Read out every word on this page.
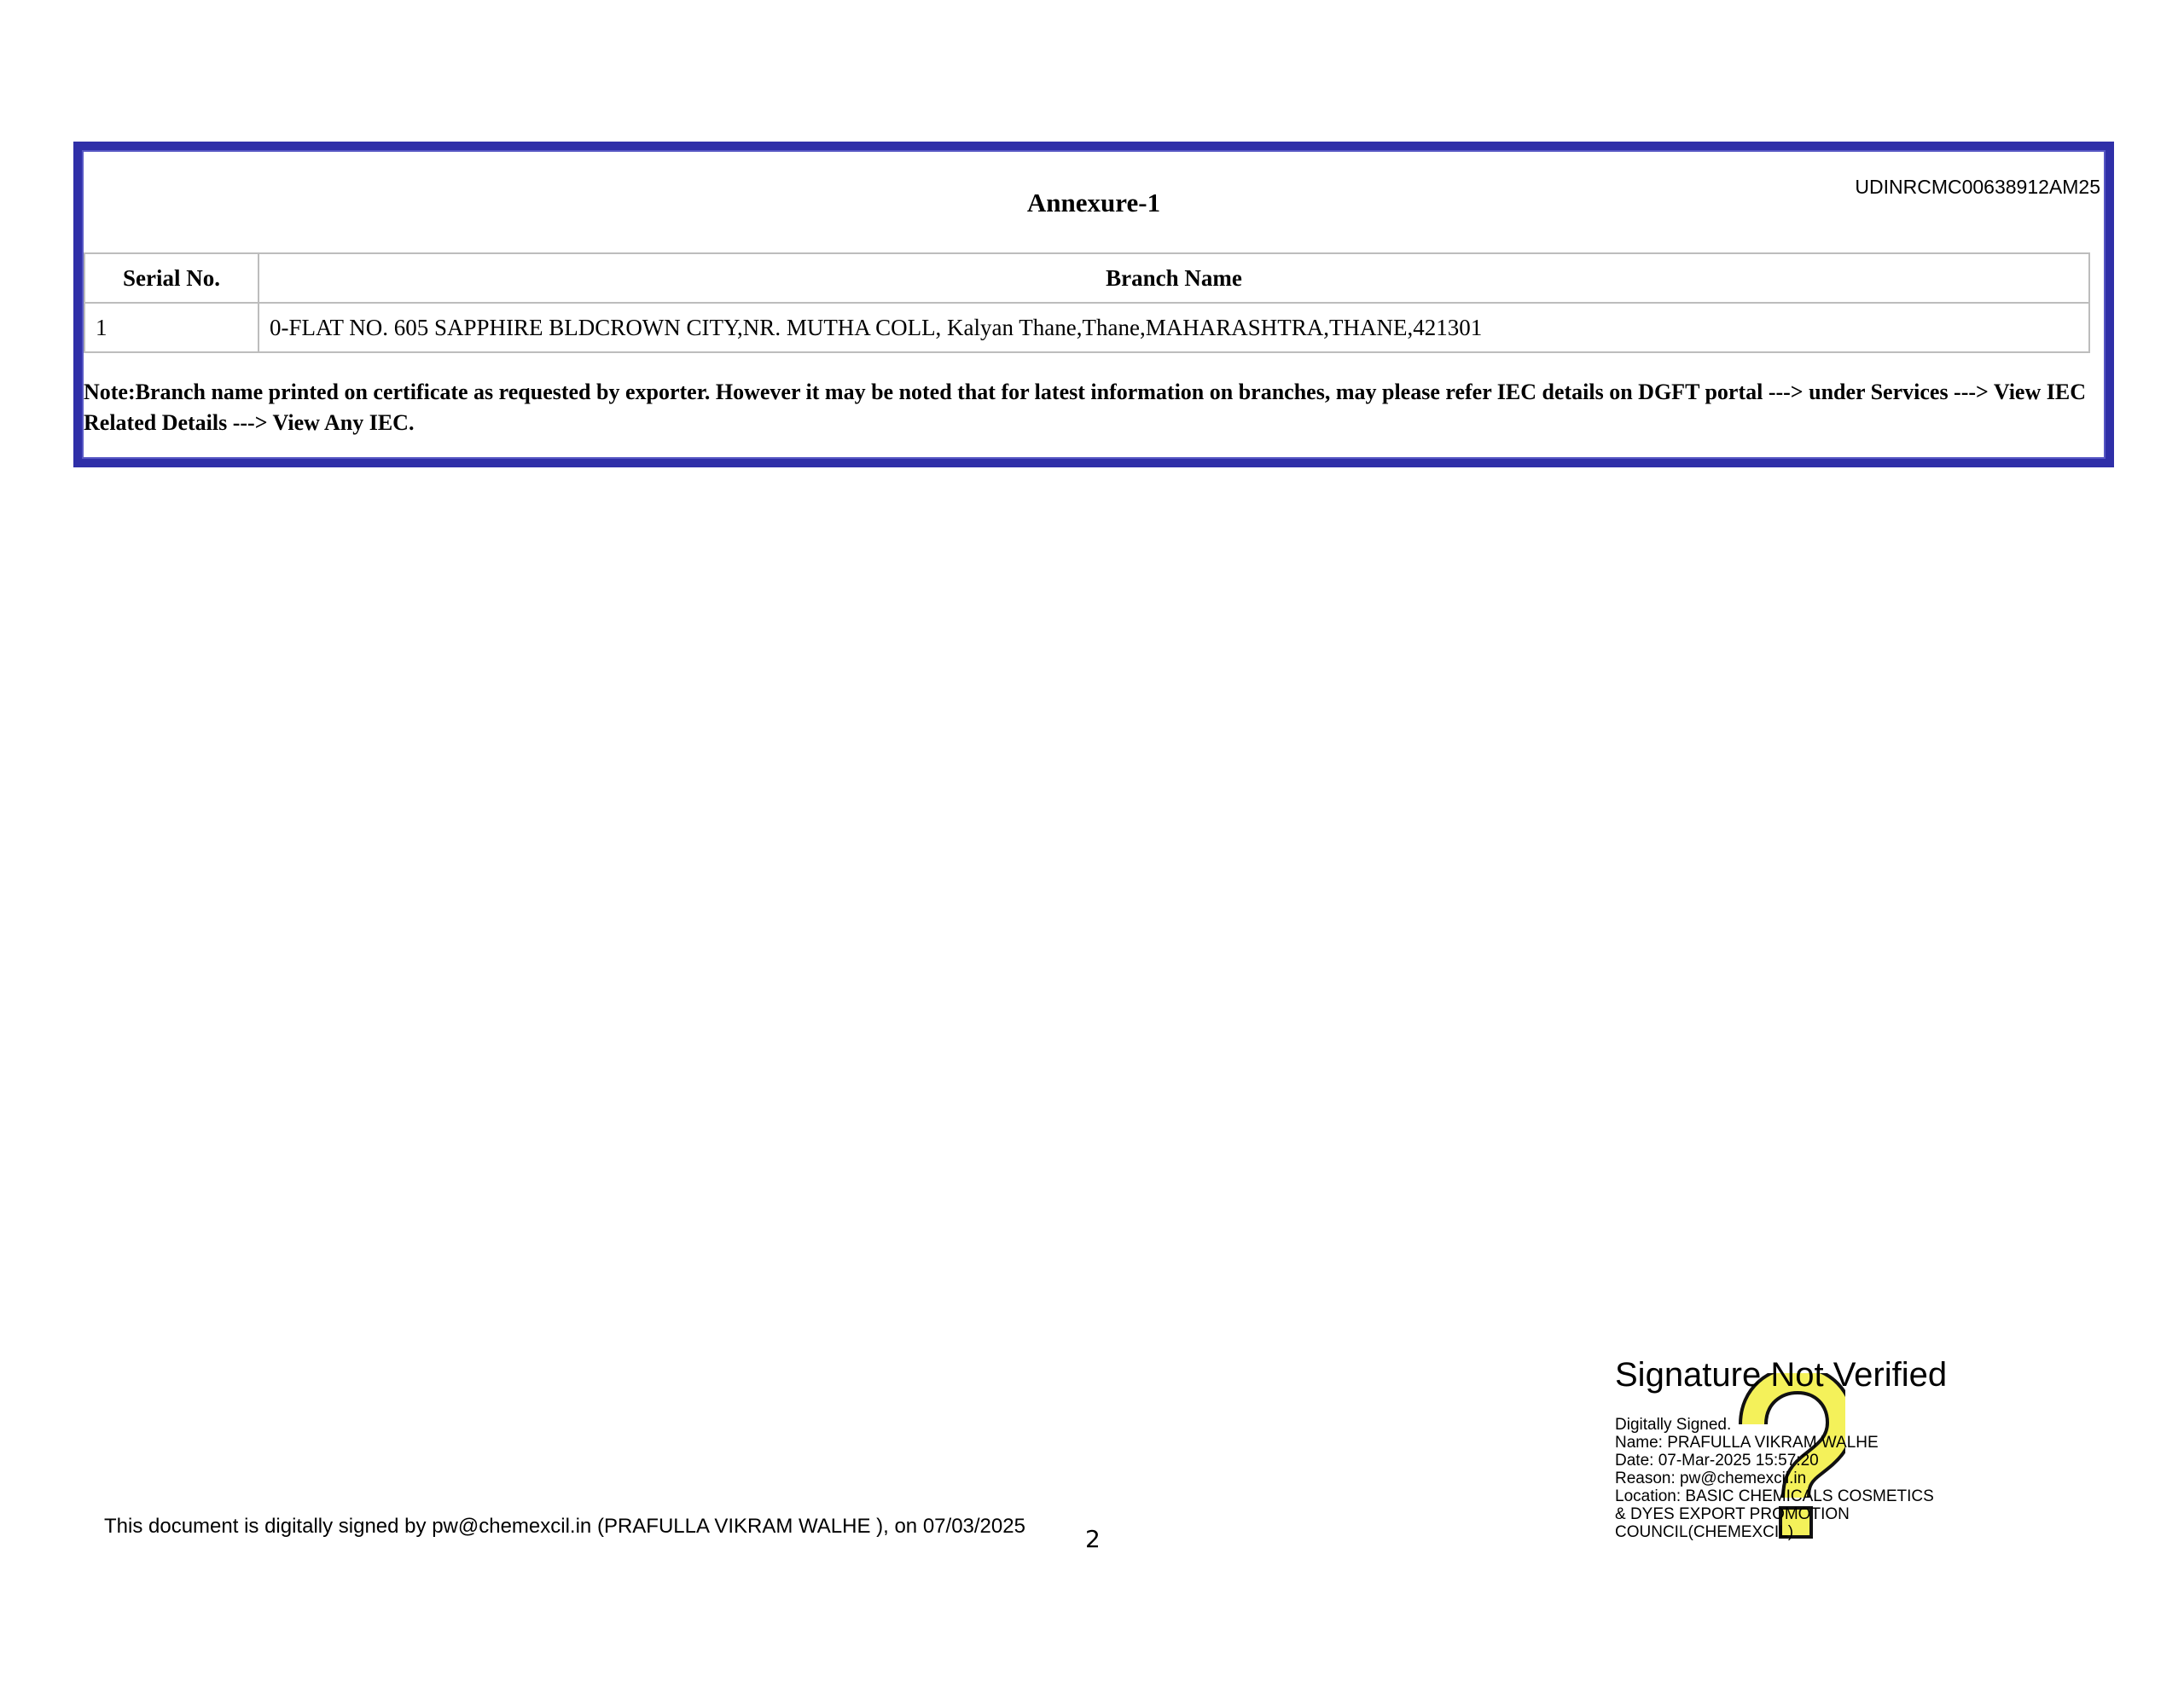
UDINRCMC00638912AM25
Annexure-1
Serial No.	Branch Name
1	0-FLAT NO. 605 SAPPHIRE BLDCROWN CITY,NR. MUTHA COLL, Kalyan Thane,Thane,MAHARASHTRA,THANE,421301
Note:Branch name printed on certificate as requested by exporter. However it may be noted that for latest information on branches, may please refer IEC details on DGFT portal ---> under Services ---> View IEC Related Details ---> View Any IEC.
This document is digitally signed by pw@chemexcil.in (PRAFULLA VIKRAM WALHE ), on 07/03/2025	2
Signature Not Verified
Digitally Signed.
Name: PRAFULLA VIKRAM WALHE
Date: 07-Mar-2025 15:57:20
Reason: pw@chemexcil.in
Location: BASIC CHEMICALS COSMETICS
& DYES EXPORT PROMOTION
COUNCIL(CHEMEXCIL)
